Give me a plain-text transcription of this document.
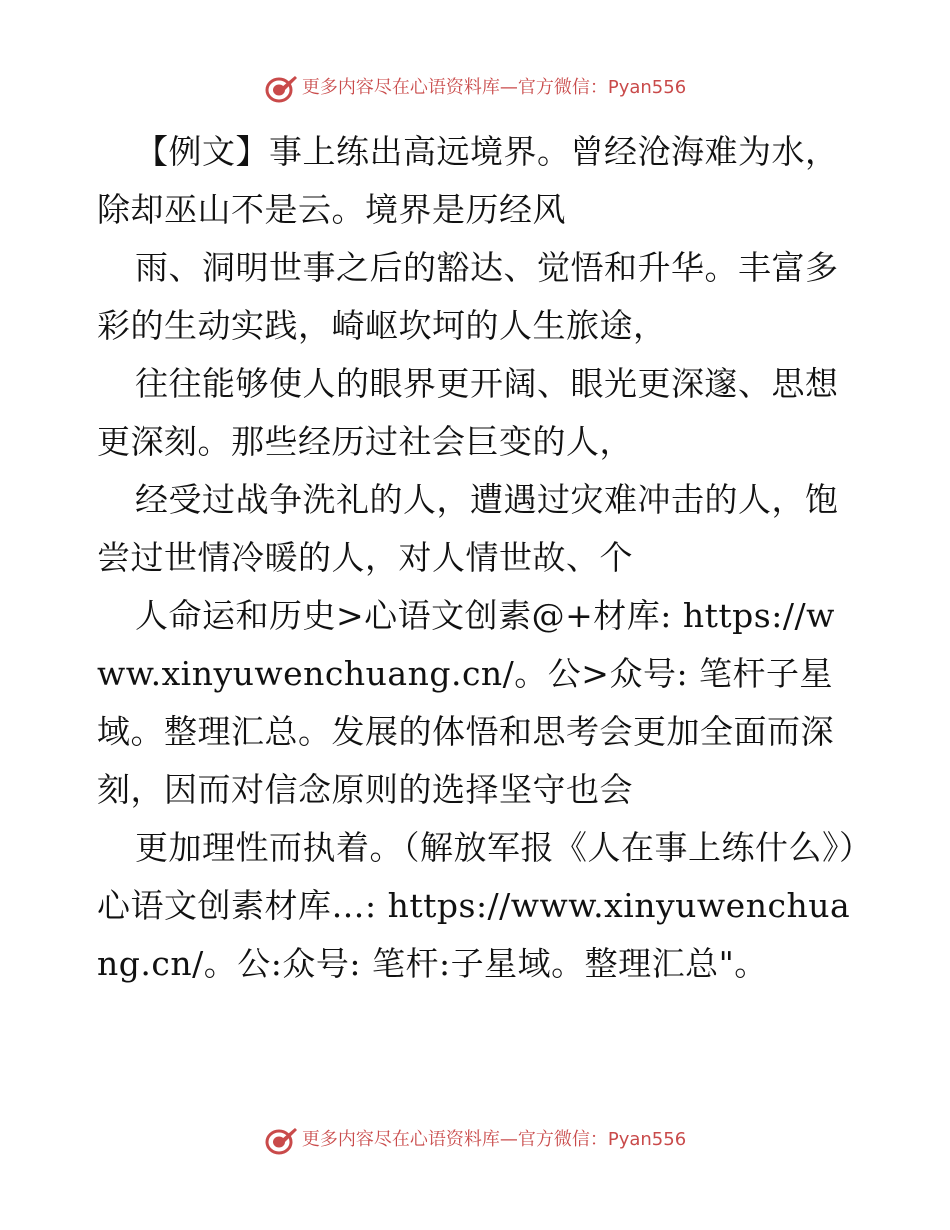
更多内容尽在心语资料库—官方微信：Pyan556

【例文】事上练出高远境界。曾经沧海难为水，除却巫山不是云。境界是历经风

雨、洞明世事之后的豁达、觉悟和升华。丰富多彩的生动实践，崎岖坎坷的人生旅途，

往往能够使人的眼界更开阔、眼光更深邃、思想更深刻。那些经历过社会巨变的人，

经受过战争洗礼的人，遭遇过灾难冲击的人，饱尝过世情冷暖的人，对人情世故、个

人命运和历史>心语文创素@+材库: https://www.xinyuwenchuang.cn/。公>众号: 笔杆子星域。整理汇总。发展的体悟和思考会更加全面而深刻，因而对信念原则的选择坚守也会

更加理性而执着。（解放军报《人在事上练什么》）心语文创素材库…: https://www.xinyuwenchuang.cn/。公:众号: 笔杆:子星域。整理汇总"。

更多内容尽在心语资料库—官方微信：Pyan556
